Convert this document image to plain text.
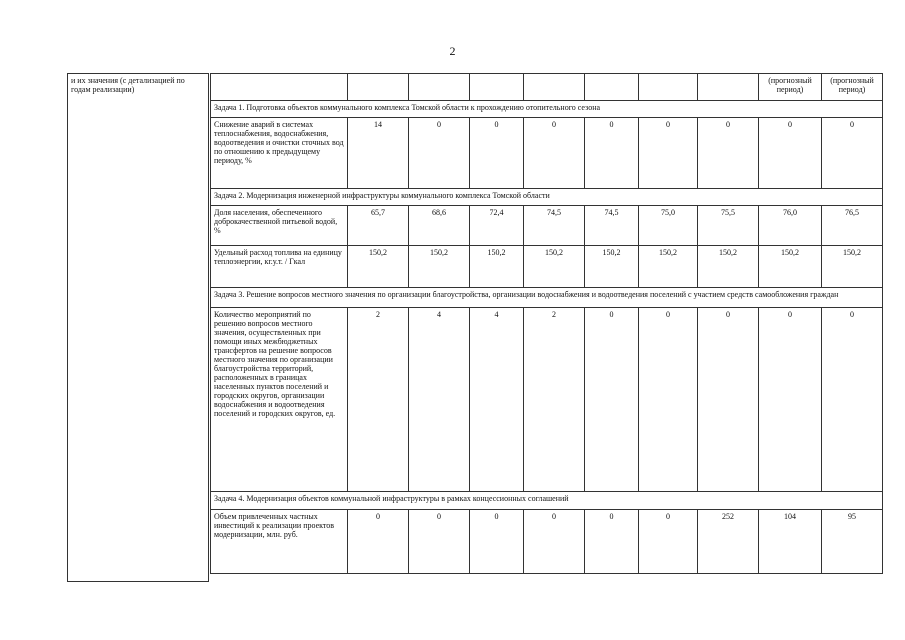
2
и их значения (с детализацией по годам реализации)
								(прогнозный период)	(прогнозный период)
Задача 1. Подготовка объектов коммунального комплекса Томской области к прохождению отопительного сезона									
Снижение аварий в системах теплоснабжения, водоснабжения, водоотведения и очистки сточных вод по отношению к предыдущему периоду, %	14	0	0	0	0	0	0	0	0
Задача 2. Модернизация инженерной инфраструктуры коммунального комплекса Томской области									
Доля населения, обеспеченного доброкачественной питьевой водой, %	65,7	68,6	72,4	74,5	74,5	75,0	75,5	76,0	76,5
Удельный расход топлива на единицу теплоэнергии, кг.у.т. / Гкал	150,2	150,2	150,2	150,2	150,2	150,2	150,2	150,2	150,2
Задача 3. Решение вопросов местного значения по организации благоустройства, организации водоснабжения и водоотведения поселений с участием средств самообложения граждан									
Количество мероприятий по решению вопросов местного значения, осуществленных при помощи иных межбюджетных трансфертов на решение вопросов местного значения по организации благоустройства территорий, расположенных в границах населенных пунктов поселений и городских округов, организации водоснабжения и водоотведения поселений и городских округов, ед.	2	4	4	2	0	0	0	0	0
Задача 4. Модернизация объектов коммунальной инфраструктуры в рамках концессионных соглашений									
Объем привлеченных частных инвестиций к реализации проектов модернизации, млн. руб.	0	0	0	0	0	0	252	104	95
